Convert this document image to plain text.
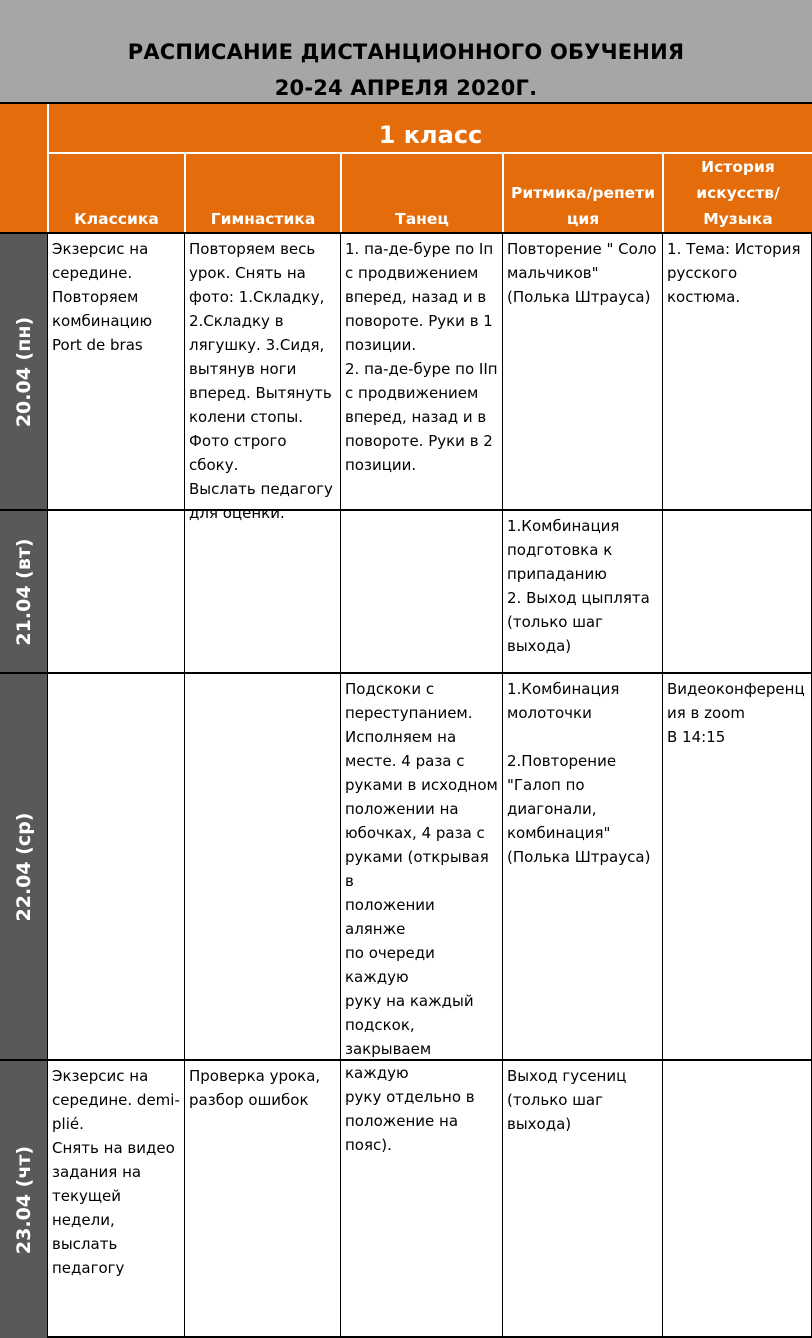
РАСПИСАНИЕ ДИСТАНЦИОННОГО ОБУЧЕНИЯ
20-24 АПРЕЛЯ 2020Г.
1 класс
Классика	Гимнастика	Танец
Ритмика/репети
ция
История
искусств/
Музыка
20.04 (пн)
Экзерсис на
середине.
Повторяем
комбинацию
Port de bras
Повторяем весь
урок. Снять на
фото: 1.Складку,
2.Складку в
лягушку. 3.Сидя,
вытянув ноги
вперед. Вытянуть
колени стопы.
Фото строго сбоку.
Выслать педагогу
для оценки.
1. па-де-буре по Iп
с продвижением
вперед, назад и в
повороте. Руки в 1
позиции.
2. па-де-буре по IIп
с продвижением
вперед, назад и в
повороте. Руки в 2
позиции.
Повторение " Соло
мальчиков"
(Полька Штрауса)
1. Тема: История
русского костюма.
21.04 (вт)
1.Комбинация
подготовка к
припаданию
2. Выход цыплята
(только шаг
выхода)
22.04 (ср)
Подскоки с
переступанием.
Исполняем на
месте. 4 раза с
руками в исходном
положении на
юбочках, 4 раза с
руками (открывая в
положении алянже
по очереди каждую
руку на каждый
подскок,
закрываем каждую
руку отдельно в
положение на
пояс).
1.Комбинация
молоточки

2.Повторение
"Галоп по
диагонали,
комбинация"
(Полька Штрауса)
Видеоконференц
ия в zoom
В 14:15
23.04 (чт)
Экзерсис на
середине. demi-
plié.
Снять на видео
задания на
текущей недели,
выслать
педагогу
Проверка урока,
разбор ошибок
Выход гусениц
(только шаг
выхода)
